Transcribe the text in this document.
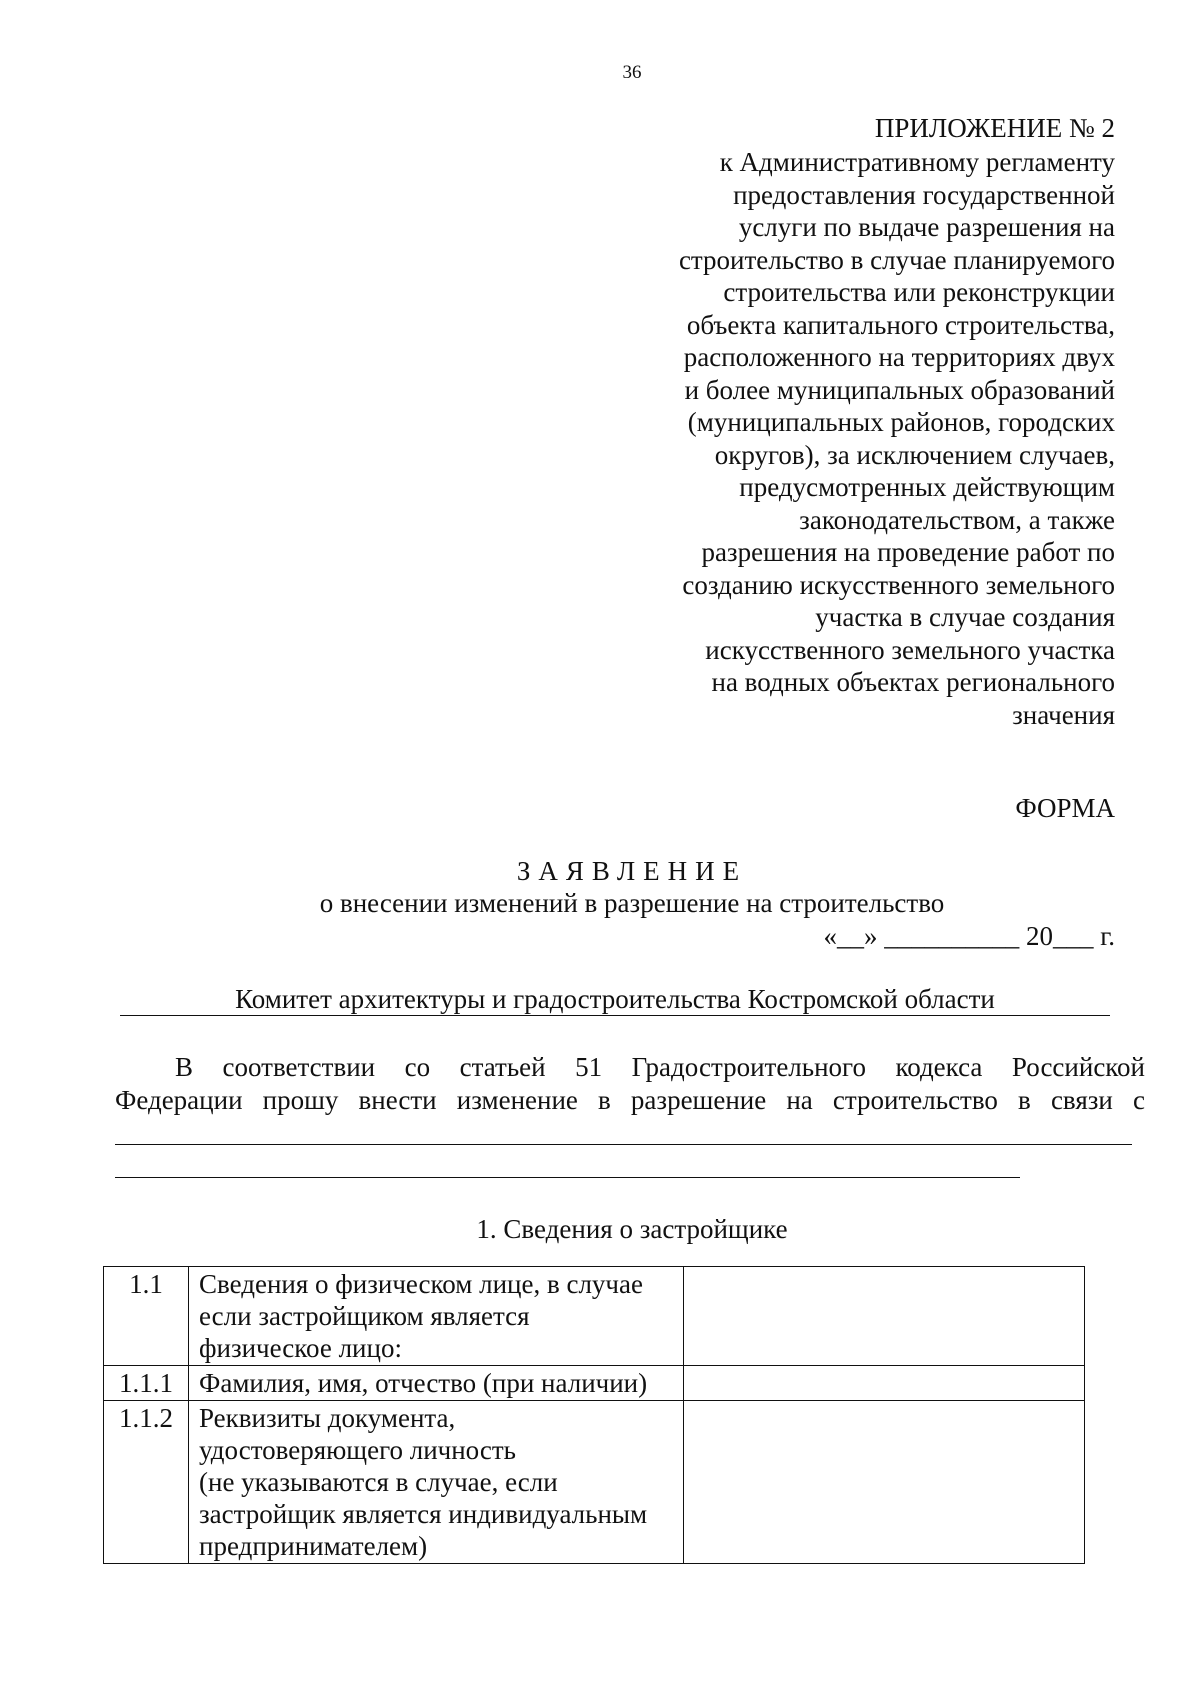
36
ПРИЛОЖЕНИЕ № 2
к Административному регламенту
предоставления государственной
услуги по выдаче разрешения на
строительство в случае планируемого
строительства или реконструкции
объекта капитального строительства,
расположенного на территориях двух
и более муниципальных образований
(муниципальных районов, городских
округов), за исключением случаев,
предусмотренных действующим
законодательством, а также
разрешения на проведение работ по
созданию искусственного земельного
участка в случае создания
искусственного земельного участка
на водных объектах регионального
значения
ФОРМА
ЗАЯВЛЕНИЕ
о внесении изменений в разрешение на строительство
«__» __________ 20___ г.
Комитет архитектуры и градостроительства Костромской области
В соответствии со статьей 51 Градостроительного кодекса Российской
Федерации прошу внести изменение в разрешение на строительство в связи с
1. Сведения о застройщике
1.1	Сведения о физическом лице, в случае
если застройщиком является
физическое лицо:	

1.1.1	Фамилия, имя, отчество (при наличии)	

1.1.2	Реквизиты документа,
удостоверяющего личность
(не указываются в случае, если
застройщик является индивидуальным
предпринимателем)	
